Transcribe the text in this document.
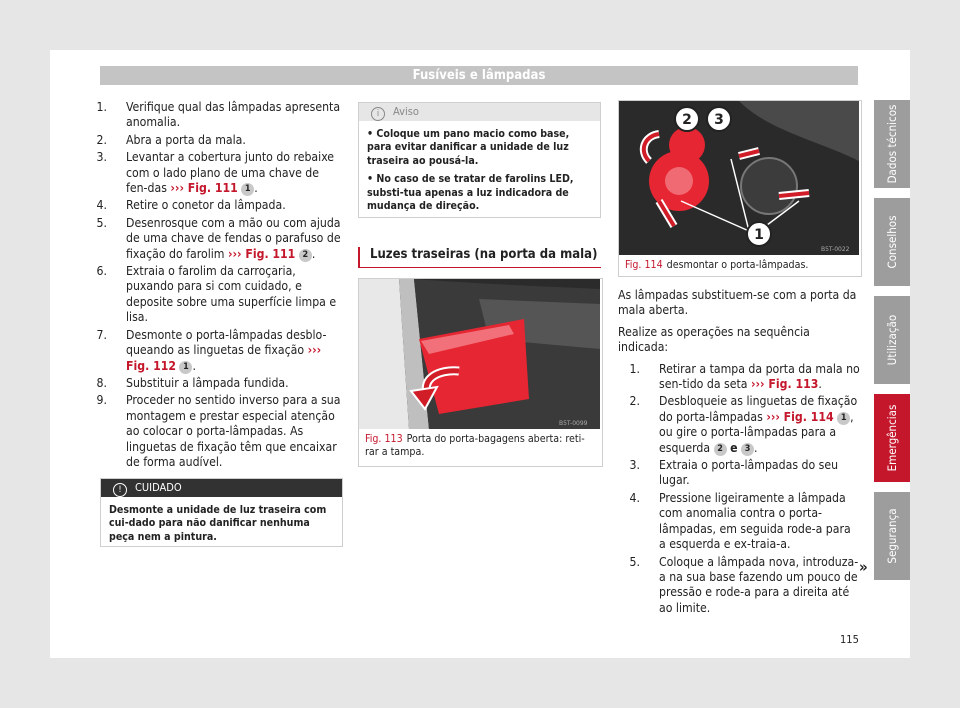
Fusíveis e lâmpadas
1. Verifique qual das lâmpadas apresenta anomalia.
2. Abra a porta da mala.
3. Levantar a cobertura junto do rebaixe com o lado plano de uma chave de fen-das ››› Fig. 111 1 .
4. Retire o conetor da lâmpada.
5. Desenrosque com a mão ou com ajuda de uma chave de fendas o parafuso de fixação do farolim ››› Fig. 111 2 .
6. Extraia o farolim da carroçaria, puxando para si com cuidado, e deposite sobre uma superfície limpa e lisa.
7. Desmonte o porta-lâmpadas desblo-queando as linguetas de fixação ››› Fig. 112 1 .
8. Substituir a lâmpada fundida.
9. Proceder no sentido inverso para a sua montagem e prestar especial atenção ao colocar o porta-lâmpadas. As linguetas de fixação têm que encaixar de forma audível.
! CUIDADO
Desmonte a unidade de luz traseira com cui-dado para não danificar nenhuma peça nem a pintura.
i Aviso

• Coloque um pano macio como base, para evitar danificar a unidade de luz traseira ao pousá-la.

• No caso de se tratar de farolins LED, substi-tua apenas a luz indicadora de mudança de direção.

Luzes traseiras (na porta da mala)
B5T-0099
Fig. 113 Porta do porta-bagagens aberta: reti-rar a tampa.
2 3
1
B5T-0022
Fig. 114 desmontar o porta-lâmpadas.

As lâmpadas substituem-se com a porta da mala aberta.

Realize as operações na sequência indicada:

1. Retirar a tampa da porta da mala no sen-tido da seta ››› Fig. 113.
2. Desbloqueie as linguetas de fixação do porta-lâmpadas ››› Fig. 114 1 , ou gire o porta-lâmpadas para a esquerda 2 e 3 .
3. Extraia o porta-lâmpadas do seu lugar.
4. Pressione ligeiramente a lâmpada com anomalia contra o porta-lâmpadas, em seguida rode-a para a esquerda e ex-traia-a.
5. Coloque a lâmpada nova, introduza-a na sua base fazendo um pouco de pressão e rode-a para a direita até ao limite.
»
Dados técnicos
Conselhos
Utilização
Emergências
Segurança
115
